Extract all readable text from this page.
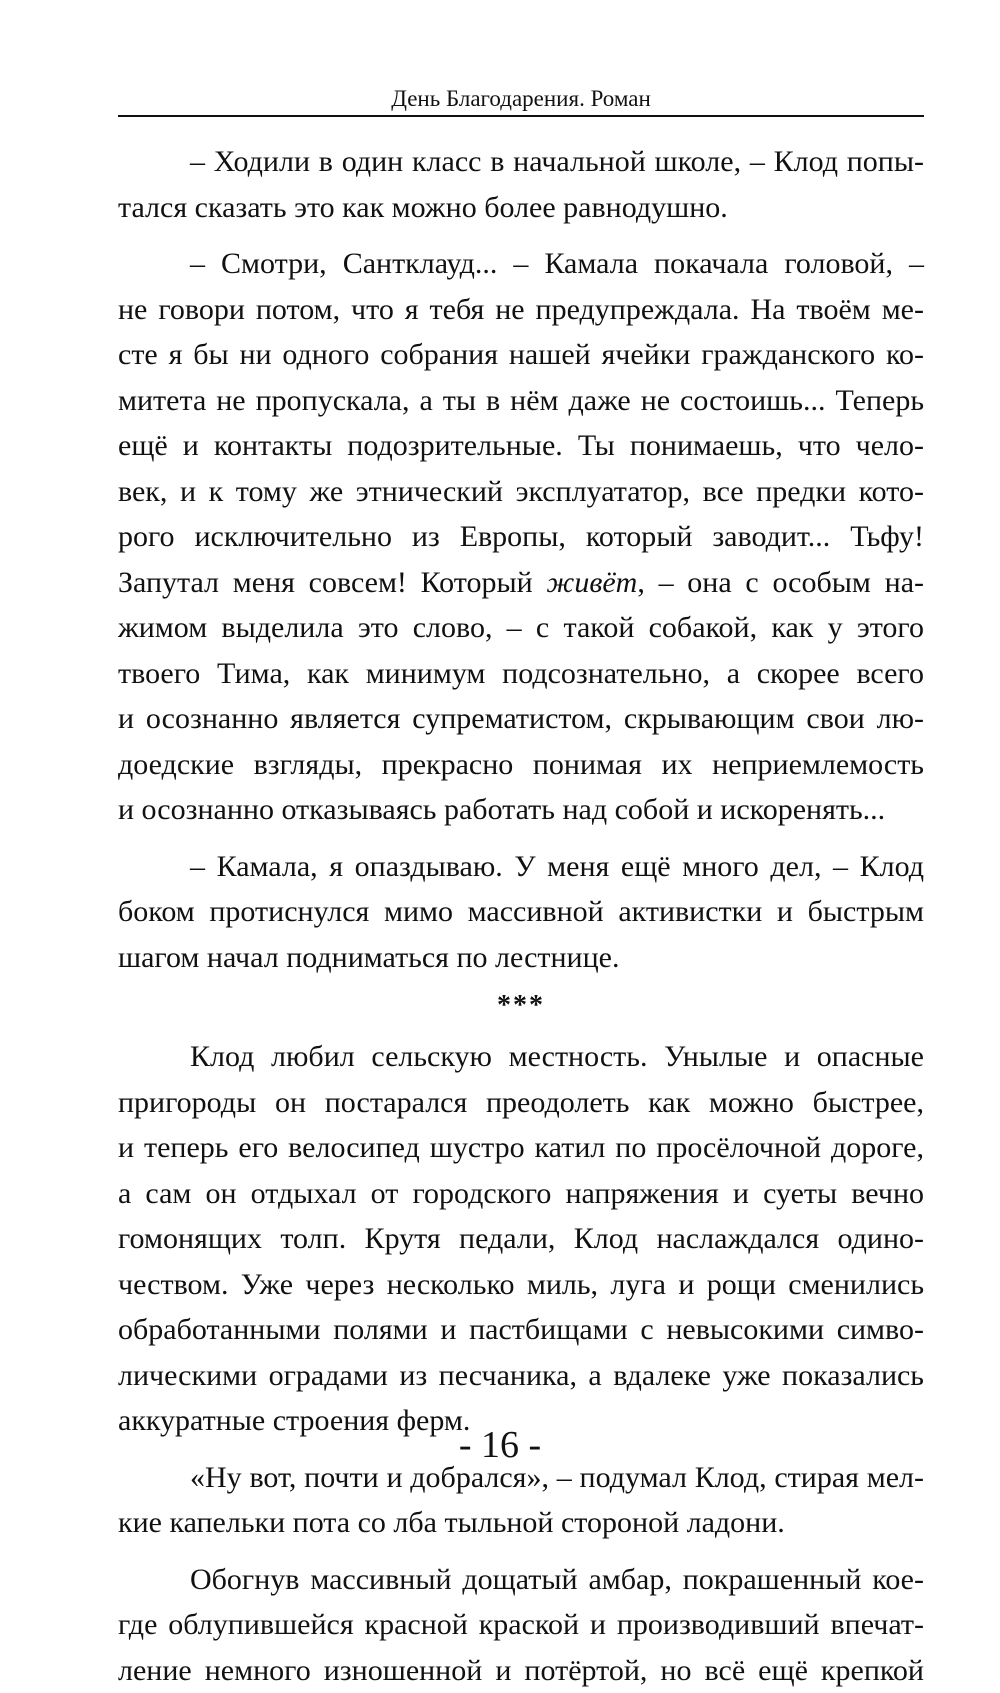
День Благодарения. Роман

– Ходили в один класс в начальной школе, – Клод попы-
тался сказать это как можно более равнодушно.

– Смотри, Сантклауд... – Камала покачала головой, –
не говори потом, что я тебя не предупреждала. На твоём ме-
сте я бы ни одного собрания нашей ячейки гражданского ко-
митета не пропускала, а ты в нём даже не состоишь... Теперь
ещё и контакты подозрительные. Ты понимаешь, что чело-
век, и к тому же этнический эксплуататор, все предки кото-
рого исключительно из Европы, который заводит... Тьфу!
Запутал меня совсем! Который живёт, – она с особым на-
жимом выделила это слово, – с такой собакой, как у этого
твоего Тима, как минимум подсознательно, а скорее всего
и осознанно является супрематистом, скрывающим свои лю-
доедские взгляды, прекрасно понимая их неприемлемость
и осознанно отказываясь работать над собой и искоренять...

– Камала, я опаздываю. У меня ещё много дел, – Клод
боком протиснулся мимо массивной активистки и быстрым
шагом начал подниматься по лестнице.

***

Клод любил сельскую местность. Унылые и опасные
пригороды он постарался преодолеть как можно быстрее,
и теперь его велосипед шустро катил по просёлочной дороге,
а сам он отдыхал от городского напряжения и суеты вечно
гомонящих толп. Крутя педали, Клод наслаждался одино-
чеством. Уже через несколько миль, луга и рощи сменились
обработанными полями и пастбищами с невысокими симво-
лическими оградами из песчаника, а вдалеке уже показались
аккуратные строения ферм.

«Ну вот, почти и добрался», – подумал Клод, стирая мел-
кие капельки пота со лба тыльной стороной ладони.

Обогнув массивный дощатый амбар, покрашенный кое-
где облупившейся красной краской и производивший впечат-
ление немного изношенной и потёртой, но всё ещё крепкой

- 16 -
